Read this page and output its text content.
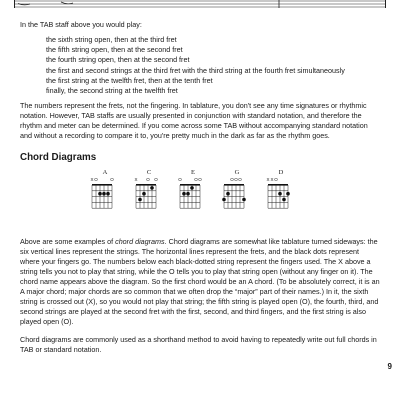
In the TAB staff above you would play:

the sixth string open, then at the third fret
the fifth string open, then at the second fret
the fourth string open, then at the second fret
the first and second strings at the third fret with the third string at the fourth fret simultaneously
the first string at the twelfth fret, then at the tenth fret
finally, the second string at the twelfth fret

The numbers represent the frets, not the fingering. In tablature, you don't see any time signatures or rhythmic notation. However, TAB staffs are usually presented in conjunction with standard notation, and therefore the rhythm and meter can be determined. If you come across some TAB without accompanying standard notation and without a recording to compare it to, you're pretty much in the dark as far as the rhythm goes.

Chord Diagrams
A
X O	O
C
X	O O
E
O	O O
G
O O O
D
X X O

Above are some examples of chord diagrams. Chord diagrams are somewhat like tablature turned sideways: the six vertical lines represent the strings. The horizontal lines represent the frets, and the black dots represent where your fingers go. The numbers below each black-dotted string represent the fingers used. The X above a string tells you not to play that string, while the O tells you to play that string open (without any finger on it). The chord name appears above the diagram. So the first chord would be an A chord. (To be absolutely correct, it is an A major chord; major chords are so common that we often drop the “major” part of their names.) In it, the sixth string is crossed out (X), so you would not play that string; the fifth string is played open (O), the fourth, third, and second strings are played at the second fret with the first, second, and third fingers, and the first string is also played open (O).

Chord diagrams are commonly used as a shorthand method to avoid having to repeatedly write out full chords in TAB or standard notation.

9
